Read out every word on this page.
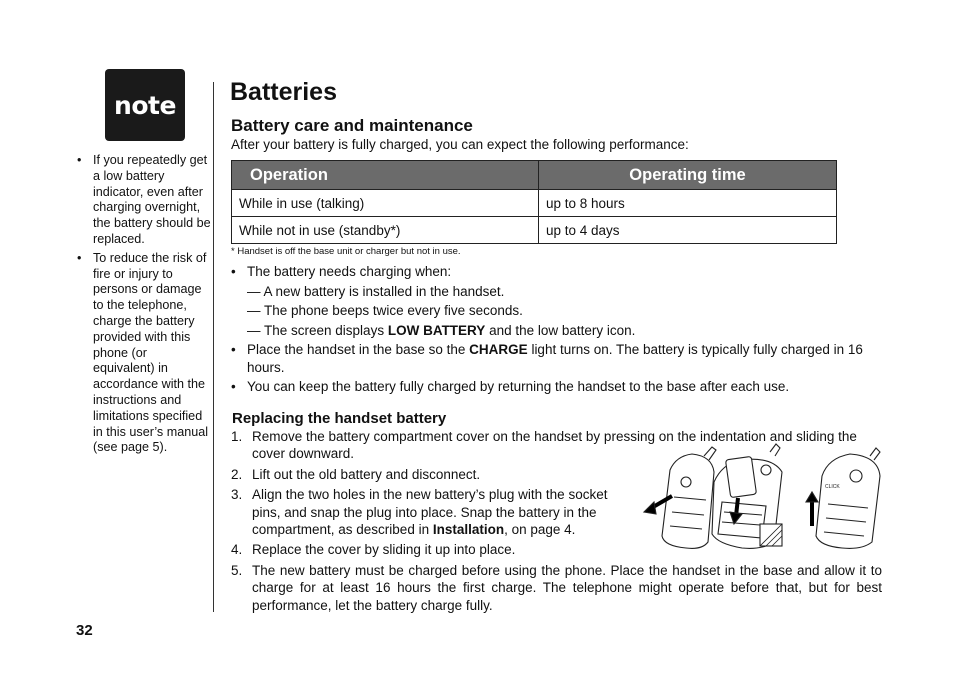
note
• If you repeatedly get a low battery indicator, even after charging overnight, the battery should be replaced.
• To reduce the risk of fire or injury to persons or damage to the telephone, charge the battery provided with this phone (or equivalent) in accordance with the instructions and limitations specified in this user’s manual (see page 5).
Batteries
Battery care and maintenance

After your battery is fully charged, you can expect the following performance:

Operation	Operating time
While in use (talking)	up to 8 hours
While not in use (standby*)	up to 4 days

* Handset is off the base unit or charger but not in use.

• The battery needs charging when:
— A new battery is installed in the handset.
— The phone beeps twice every five seconds.
— The screen displays LOW BATTERY and the low battery icon.
• Place the handset in the base so the CHARGE light turns on. The battery is typically fully charged in 16 hours.
• You can keep the battery fully charged by returning the handset to the base after each use.
Replacing the handset battery
1. Remove the battery compartment cover on the handset by pressing on the indentation and sliding the cover downward.
2. Lift out the old battery and disconnect.
3. Align the two holes in the new battery’s plug with the socket pins, and snap the plug into place. Snap the battery in the compartment, as described in Installation, on page 4.
4. Replace the cover by sliding it up into place.
5. The new battery must be charged before using the phone. Place the handset in the base and allow it to charge for at least 16 hours the first charge. The telephone might operate before that, but for best performance, let the battery charge fully.
CLICK
32
